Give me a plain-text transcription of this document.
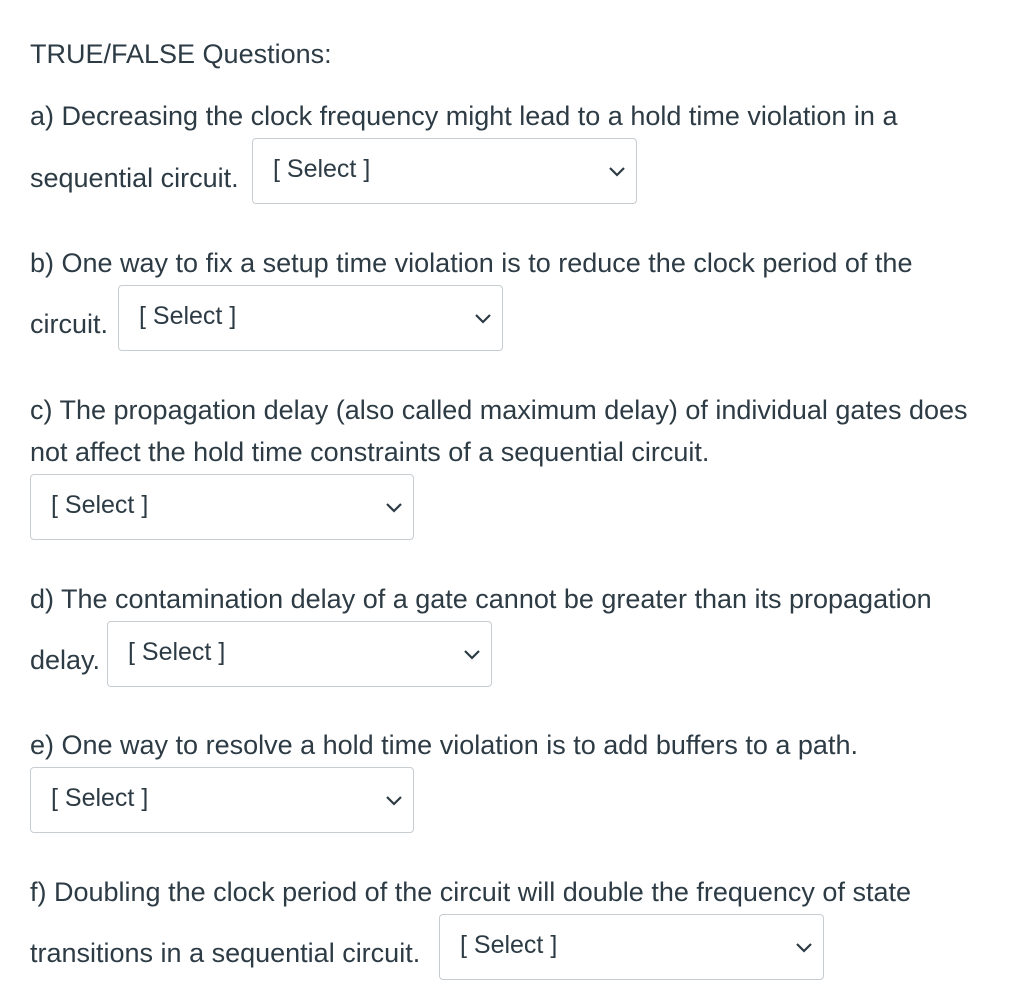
TRUE/FALSE Questions:
a) Decreasing the clock frequency might lead to a hold time violation in a
sequential circuit. [ Select ]
b) One way to fix a setup time violation is to reduce the clock period of the
circuit. [ Select ]
c) The propagation delay (also called maximum delay) of individual gates does
not affect the hold time constraints of a sequential circuit.
[ Select ]
d) The contamination delay of a gate cannot be greater than its propagation
delay. [ Select ]
e) One way to resolve a hold time violation is to add buffers to a path.
[ Select ]
f) Doubling the clock period of the circuit will double the frequency of state
transitions in a sequential circuit. [ Select ]
